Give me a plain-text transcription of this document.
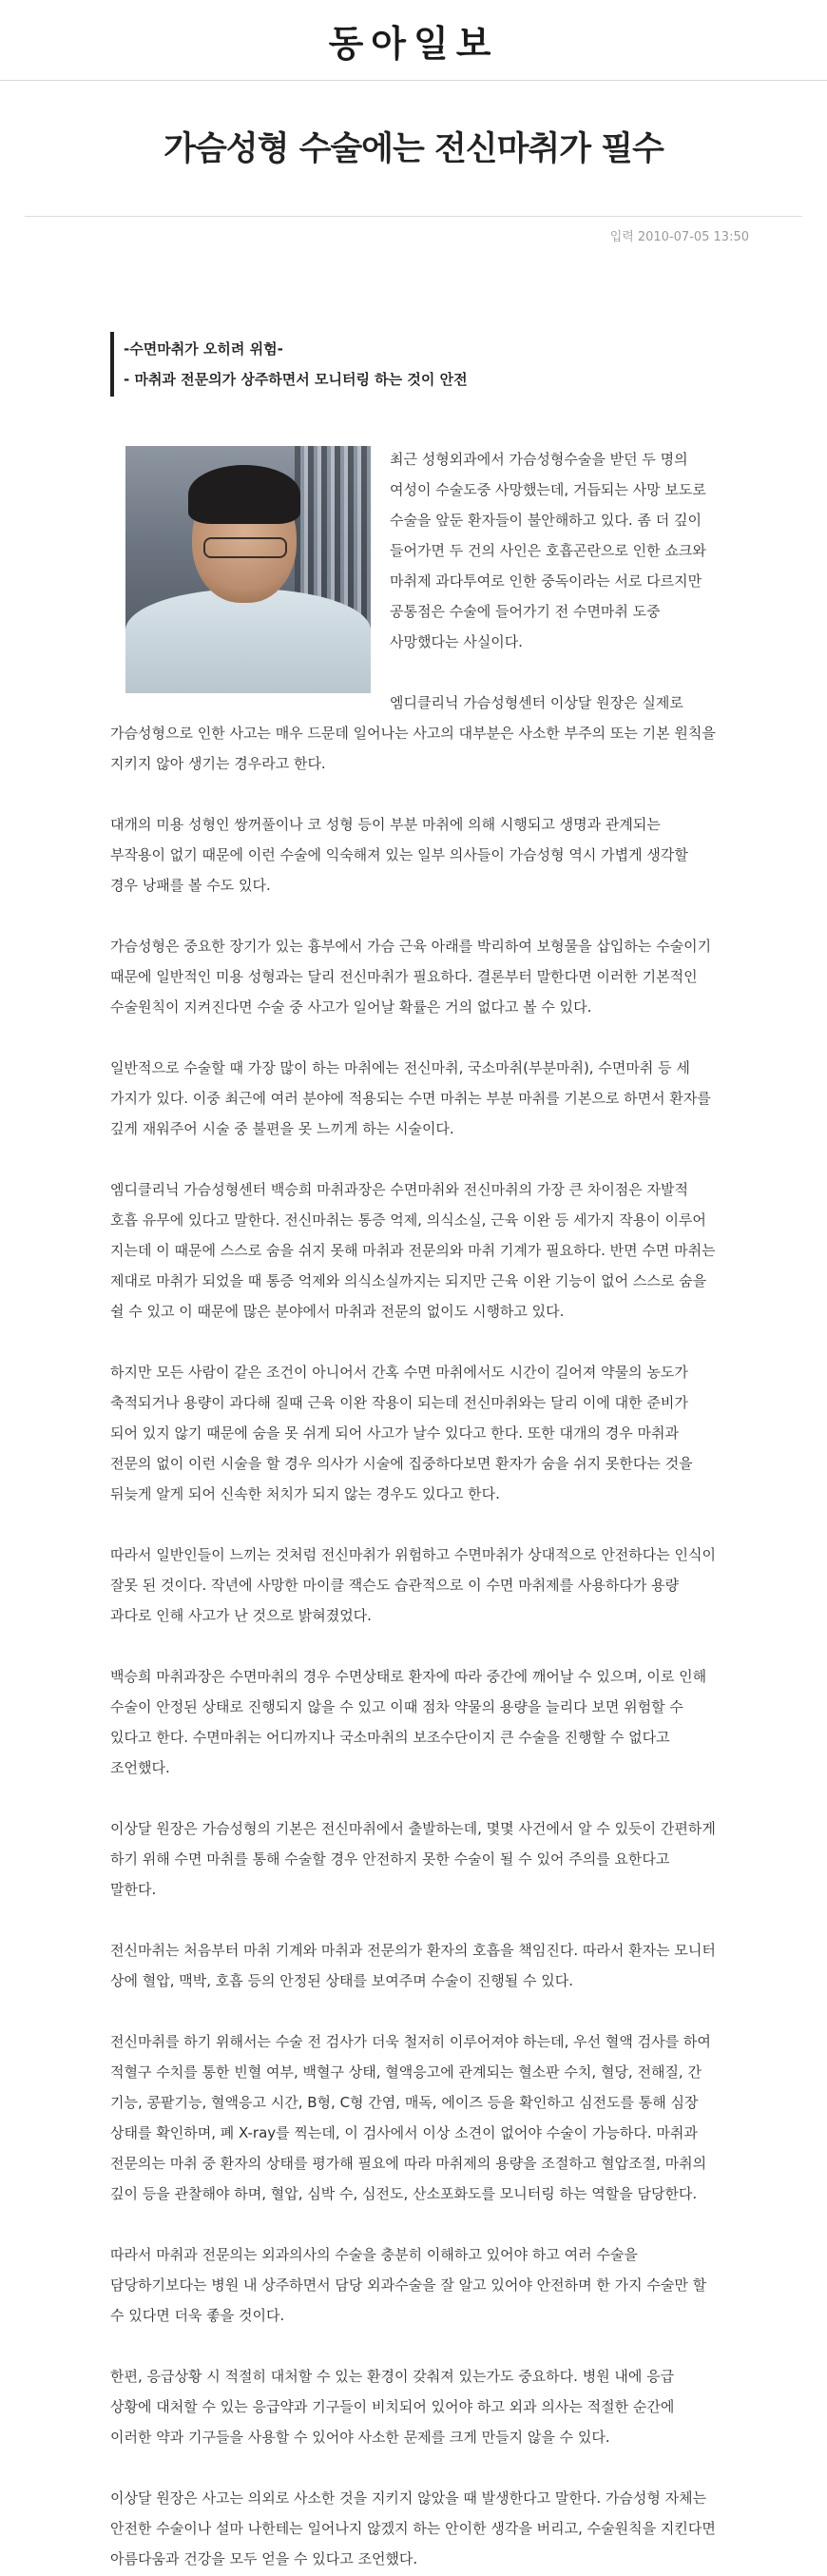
동아일보
가슴성형 수술에는 전신마취가 필수
입력 2010-07-05 13:50
-수면마취가 오히려 위험-
- 마취과 전문의가 상주하면서 모니터링 하는 것이 안전

최근 성형외과에서 가슴성형수술을 받던 두 명의 여성이 수술도중 사망했는데, 거듭되는 사망 보도로 수술을 앞둔 환자들이 불안해하고 있다. 좀 더 깊이 들어가면 두 건의 사인은 호흡곤란으로 인한 쇼크와 마취제 과다투여로 인한 중독이라는 서로 다르지만 공통점은 수술에 들어가기 전 수면마취 도중 사망했다는 사실이다.

엠디클리닉 가슴성형센터 이상달 원장은 실제로 가슴성형으로 인한 사고는 매우 드문데 일어나는 사고의 대부분은 사소한 부주의 또는 기본 원칙을 지키지 않아 생기는 경우라고 한다.

대개의 미용 성형인 쌍꺼풀이나 코 성형 등이 부분 마취에 의해 시행되고 생명과 관계되는 부작용이 없기 때문에 이런 수술에 익숙해져 있는 일부 의사들이 가슴성형 역시 가볍게 생각할 경우 낭패를 볼 수도 있다.

가슴성형은 중요한 장기가 있는 흉부에서 가슴 근육 아래를 박리하여 보형물을 삽입하는 수술이기 때문에 일반적인 미용 성형과는 달리 전신마취가 필요하다. 결론부터 말한다면 이러한 기본적인 수술원칙이 지켜진다면 수술 중 사고가 일어날 확률은 거의 없다고 볼 수 있다.

일반적으로 수술할 때 가장 많이 하는 마취에는 전신마취, 국소마취(부분마취), 수면마취 등 세 가지가 있다. 이중 최근에 여러 분야에 적용되는 수면 마취는 부분 마취를 기본으로 하면서 환자를 깊게 재워주어 시술 중 불편을 못 느끼게 하는 시술이다.

엠디클리닉 가슴성형센터 백승희 마취과장은 수면마취와 전신마취의 가장 큰 차이점은 자발적 호흡 유무에 있다고 말한다. 전신마취는 통증 억제, 의식소실, 근육 이완 등 세가지 작용이 이루어 지는데 이 때문에 스스로 숨을 쉬지 못해 마취과 전문의와 마취 기계가 필요하다. 반면 수면 마취는 제대로 마취가 되었을 때 통증 억제와 의식소실까지는 되지만 근육 이완 기능이 없어 스스로 숨을 쉴 수 있고 이 때문에 많은 분야에서 마취과 전문의 없이도 시행하고 있다.

하지만 모든 사람이 같은 조건이 아니어서 간혹 수면 마취에서도 시간이 길어져 약물의 농도가 축적되거나 용량이 과다해 질때 근육 이완 작용이 되는데 전신마취와는 달리 이에 대한 준비가 되어 있지 않기 때문에 숨을 못 쉬게 되어 사고가 날수 있다고 한다. 또한 대개의 경우 마취과 전문의 없이 이런 시술을 할 경우 의사가 시술에 집중하다보면 환자가 숨을 쉬지 못한다는 것을 뒤늦게 알게 되어 신속한 처치가 되지 않는 경우도 있다고 한다.

따라서 일반인들이 느끼는 것처럼 전신마취가 위험하고 수면마취가 상대적으로 안전하다는 인식이 잘못 된 것이다. 작년에 사망한 마이클 잭슨도 습관적으로 이 수면 마취제를 사용하다가 용량 과다로 인해 사고가 난 것으로 밝혀졌었다.

백승희 마취과장은 수면마취의 경우 수면상태로 환자에 따라 중간에 깨어날 수 있으며, 이로 인해 수술이 안정된 상태로 진행되지 않을 수 있고 이때 점차 약물의 용량을 늘리다 보면 위험할 수 있다고 한다. 수면마취는 어디까지나 국소마취의 보조수단이지 큰 수술을 진행할 수 없다고 조언했다.

이상달 원장은 가슴성형의 기본은 전신마취에서 출발하는데, 몇몇 사건에서 알 수 있듯이 간편하게 하기 위해 수면 마취를 통해 수술할 경우 안전하지 못한 수술이 될 수 있어 주의를 요한다고 말한다.

전신마취는 처음부터 마취 기계와 마취과 전문의가 환자의 호흡을 책임진다. 따라서 환자는 모니터 상에 혈압, 맥박, 호흡 등의 안정된 상태를 보여주며 수술이 진행될 수 있다.

전신마취를 하기 위해서는 수술 전 검사가 더욱 철저히 이루어져야 하는데, 우선 혈액 검사를 하여 적혈구 수치를 통한 빈혈 여부, 백혈구 상태, 혈액응고에 관계되는 혈소판 수치, 혈당, 전해질, 간 기능, 콩팥기능, 혈액응고 시간, B형, C형 간염, 매독, 에이즈 등을 확인하고 심전도를 통해 심장 상태를 확인하며, 폐 X-ray를 찍는데, 이 검사에서 이상 소견이 없어야 수술이 가능하다. 마취과 전문의는 마취 중 환자의 상태를 평가해 필요에 따라 마취제의 용량을 조절하고 혈압조절, 마취의 깊이 등을 관찰해야 하며, 혈압, 심박 수, 심전도, 산소포화도를 모니터링 하는 역할을 담당한다.

따라서 마취과 전문의는 외과의사의 수술을 충분히 이해하고 있어야 하고 여러 수술을 담당하기보다는 병원 내 상주하면서 담당 외과수술을 잘 알고 있어야 안전하며 한 가지 수술만 할 수 있다면 더욱 좋을 것이다.

한편, 응급상황 시 적절히 대처할 수 있는 환경이 갖춰져 있는가도 중요하다. 병원 내에 응급 상황에 대처할 수 있는 응급약과 기구들이 비치되어 있어야 하고 외과 의사는 적절한 순간에 이러한 약과 기구들을 사용할 수 있어야 사소한 문제를 크게 만들지 않을 수 있다.

이상달 원장은 사고는 의외로 사소한 것을 지키지 않았을 때 발생한다고 말한다. 가슴성형 자체는 안전한 수술이나 설마 나한테는 일어나지 않겠지 하는 안이한 생각을 버리고, 수술원칙을 지킨다면 아름다움과 건강을 모두 얻을 수 있다고 조언했다.
